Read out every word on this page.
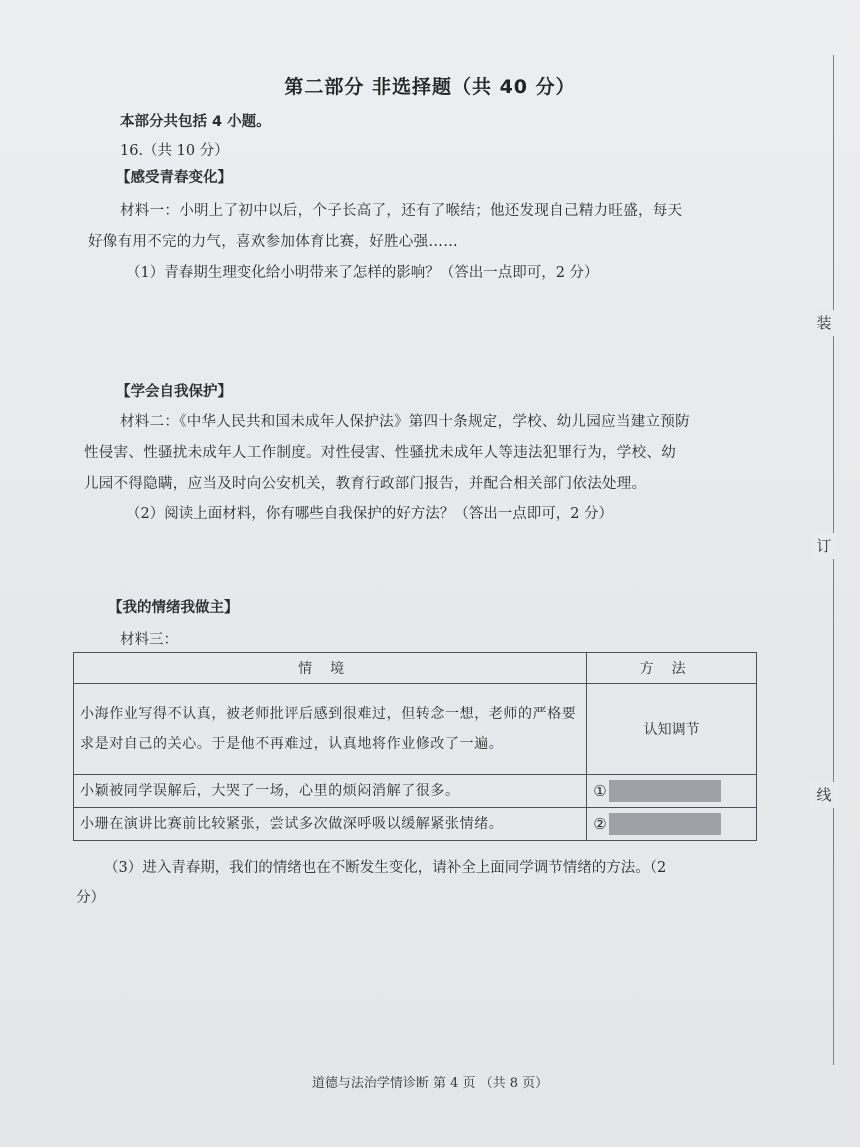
第二部分 非选择题（共 40 分）
本部分共包括 4 小题。
16.（共 10 分）
【感受青春变化】
材料一：小明上了初中以后，个子长高了，还有了喉结；他还发现自己精力旺盛，每天
好像有用不完的力气，喜欢参加体育比赛，好胜心强……
（1）青春期生理变化给小明带来了怎样的影响？（答出一点即可，2 分）
【学会自我保护】
材料二：《中华人民共和国未成年人保护法》第四十条规定，学校、幼儿园应当建立预防
性侵害、性骚扰未成年人工作制度。对性侵害、性骚扰未成年人等违法犯罪行为，学校、幼
儿园不得隐瞒，应当及时向公安机关，教育行政部门报告，并配合相关部门依法处理。
（2）阅读上面材料，你有哪些自我保护的好方法？（答出一点即可，2 分）
【我的情绪我做主】
材料三：
情境	方法
小海作业写得不认真，被老师批评后感到很难过，但转念一想，老师的严格要求是对自己的关心。于是他不再难过，认真地将作业修改了一遍。	认知调节
小颖被同学误解后，大哭了一场，心里的烦闷消解了很多。	①
小珊在演讲比赛前比较紧张，尝试多次做深呼吸以缓解紧张情绪。	②
（3）进入青春期，我们的情绪也在不断发生变化，请补全上面同学调节情绪的方法。（2
分）
装
订
线
道德与法治学情诊断 第 4 页 （共 8 页）
